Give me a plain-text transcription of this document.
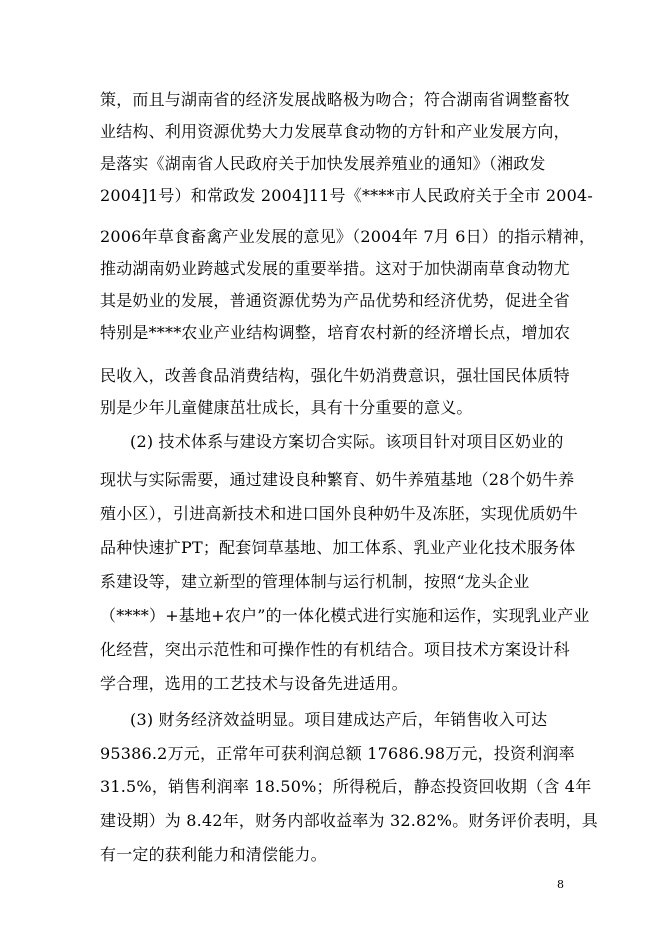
策，而且与湖南省的经济发展战略极为吻合；符合湖南省调整畜牧
业结构、利用资源优势大力发展草食动物的方针和产业发展方向，
是落实《湖南省人民政府关于加快发展养殖业的通知》（湘政发
2004]1号）和常政发 2004]11号《****市人民政府关于全市 2004-
2006年草食畜禽产业发展的意见》（2004年 7月 6日）的指示精神，
推动湖南奶业跨越式发展的重要举措。这对于加快湖南草食动物尤
其是奶业的发展，普通资源优势为产品优势和经济优势，促进全省
特别是****农业产业结构调整，培育农村新的经济增长点，增加农
民收入，改善食品消费结构，强化牛奶消费意识，强壮国民体质特
别是少年儿童健康茁壮成长，具有十分重要的意义。
(2) 技术体系与建设方案切合实际。该项目针对项目区奶业的
现状与实际需要，通过建设良种繁育、奶牛养殖基地（28个奶牛养
殖小区），引进高新技术和进口国外良种奶牛及冻胚，实现优质奶牛
品种快速扩PT；配套饲草基地、加工体系、乳业产业化技术服务体
系建设等，建立新型的管理体制与运行机制，按照“龙头企业
（****）+基地+农户”的一体化模式进行实施和运作，实现乳业产业
化经营，突出示范性和可操作性的有机结合。项目技术方案设计科
学合理，选用的工艺技术与设备先进适用。
(3) 财务经济效益明显。项目建成达产后，年销售收入可达
95386.2万元，正常年可获利润总额 17686.98万元，投资利润率
31.5%，销售利润率 18.50%；所得税后，静态投资回收期（含 4年
建设期）为 8.42年，财务内部收益率为 32.82%。财务评价表明，具
有一定的获利能力和清偿能力。
8
